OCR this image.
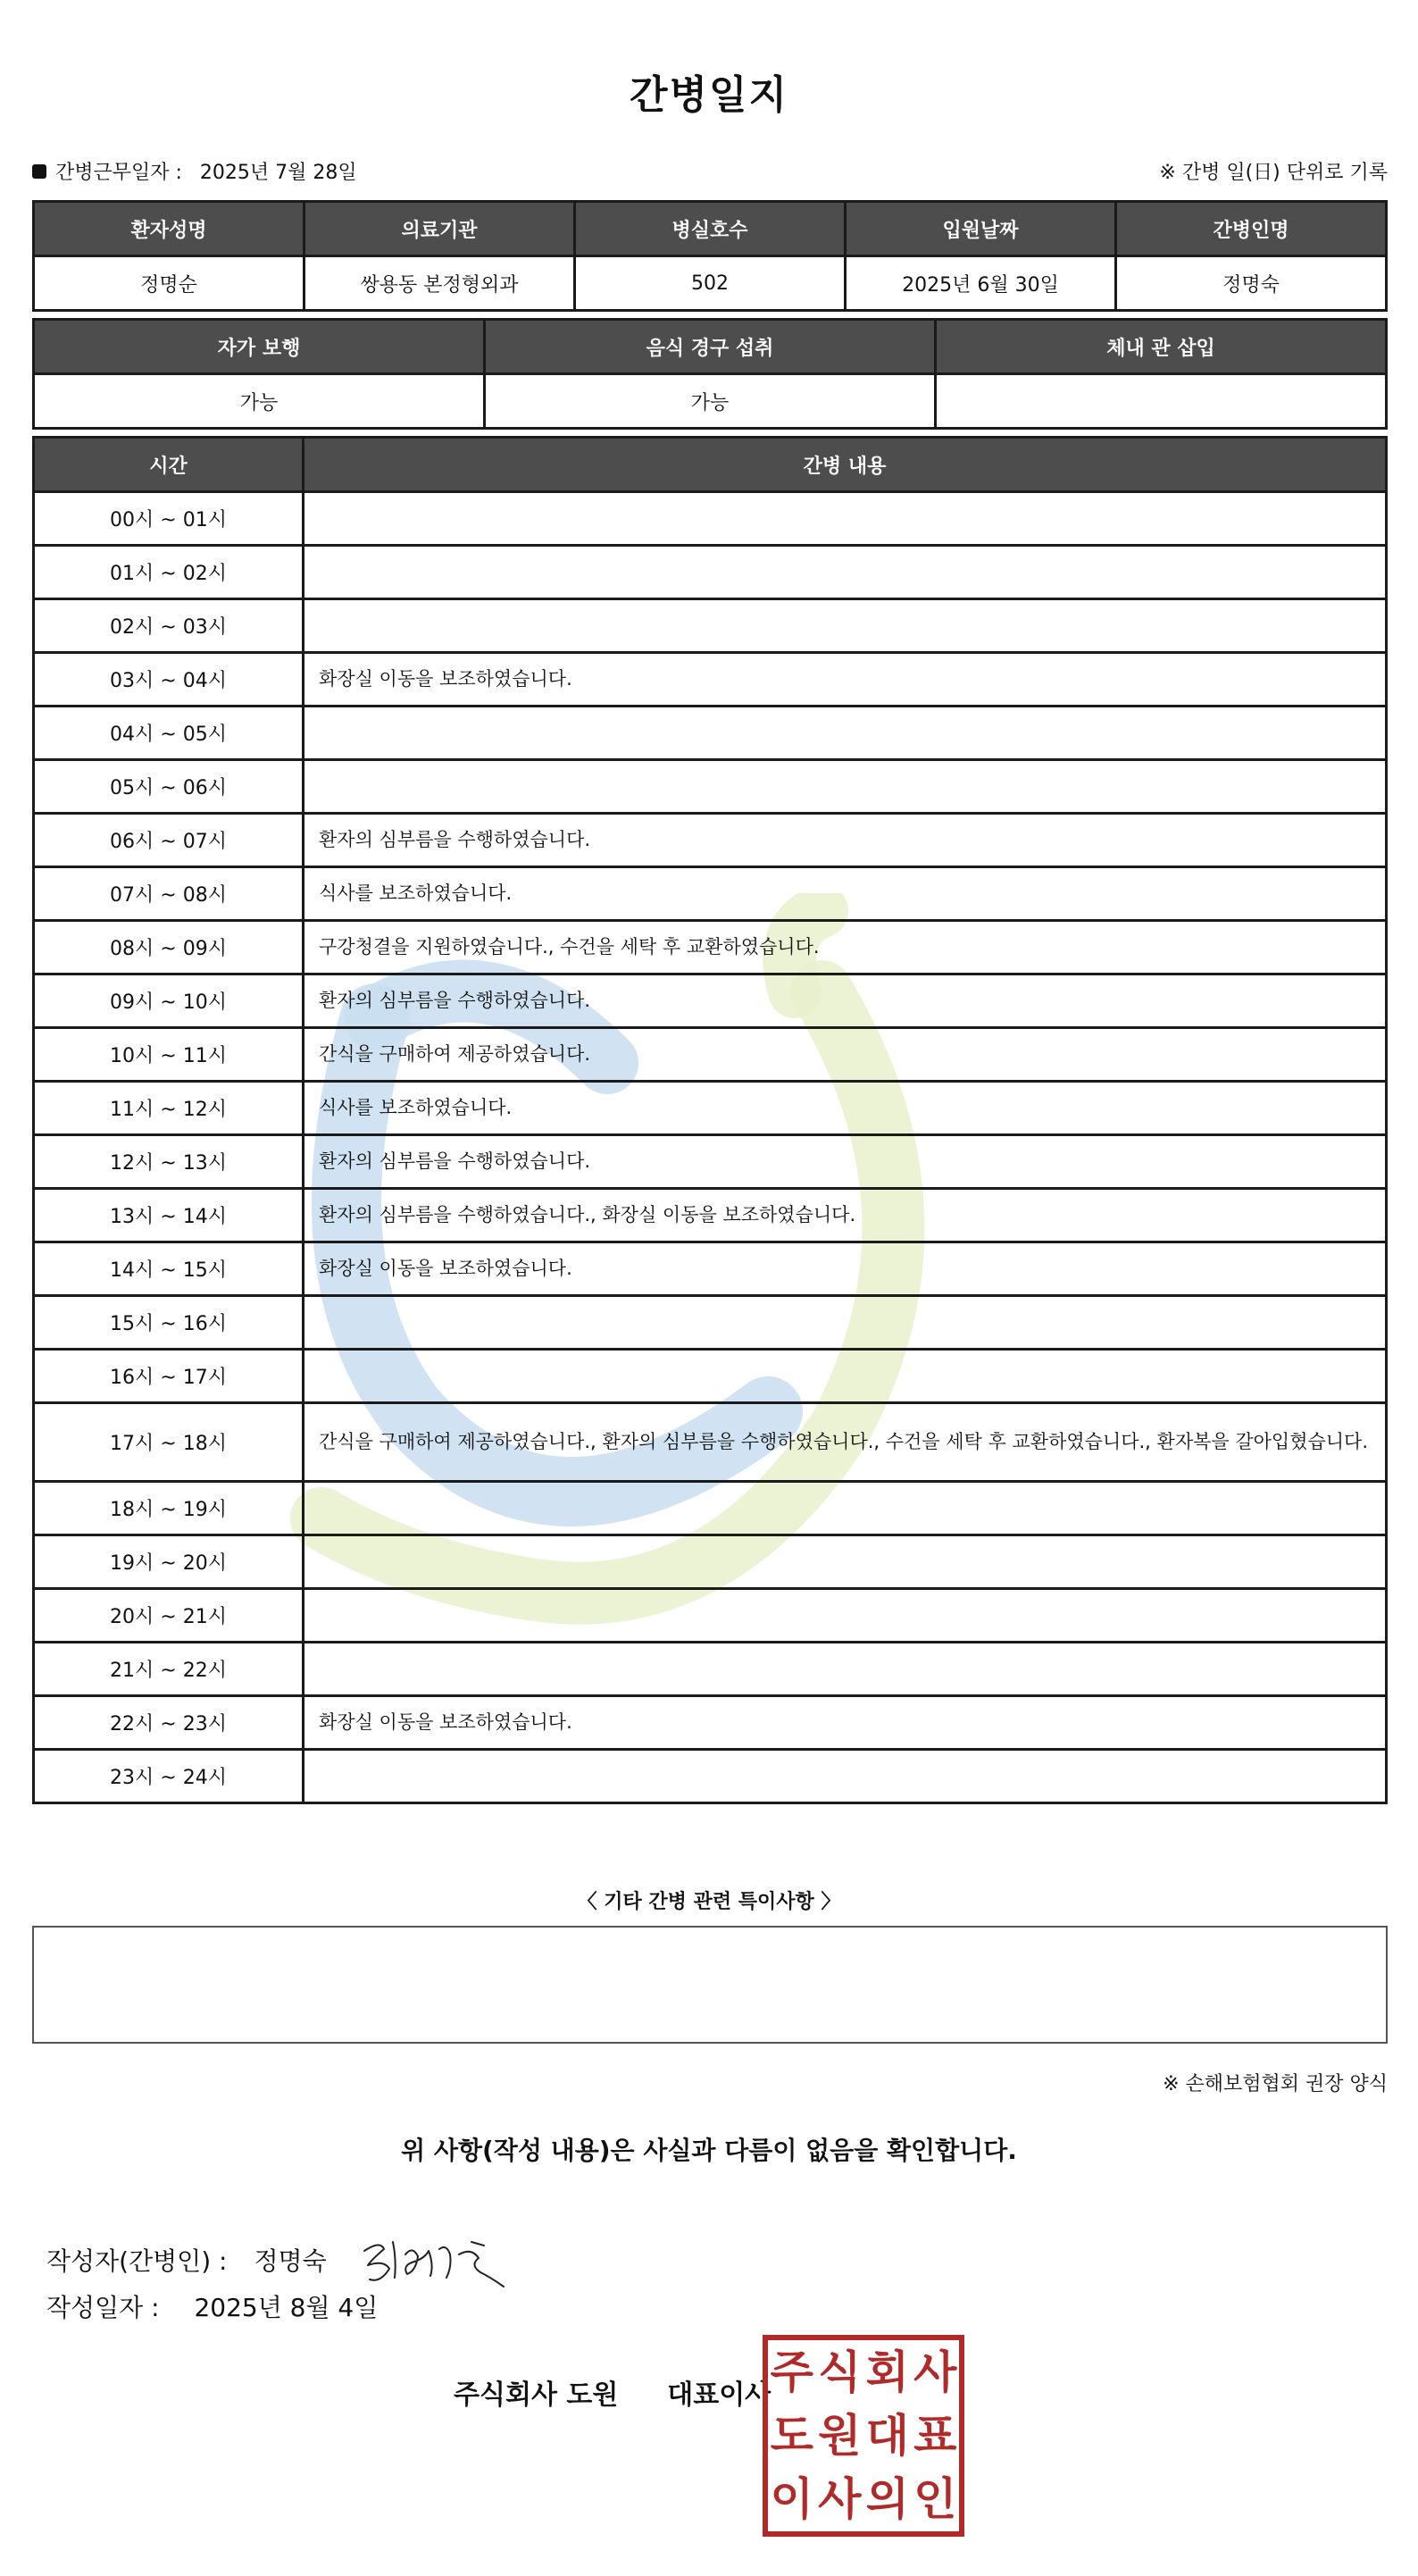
간병일지
간병근무일자 : 2025년 7월 28일	※ 간병 일(日) 단위로 기록
환자성명	의료기관	병실호수	입원날짜	간병인명
정명순	쌍용동 본정형외과	502	2025년 6월 30일	정명숙
자가 보행	음식 경구 섭취	체내 관 삽입
가능	가능	
시간	간병 내용
00시 ~ 01시	
01시 ~ 02시	
02시 ~ 03시	
03시 ~ 04시	화장실 이동을 보조하였습니다.
04시 ~ 05시	
05시 ~ 06시	
06시 ~ 07시	환자의 심부름을 수행하였습니다.
07시 ~ 08시	식사를 보조하였습니다.
08시 ~ 09시	구강청결을 지원하였습니다., 수건을 세탁 후 교환하였습니다.
09시 ~ 10시	환자의 심부름을 수행하였습니다.
10시 ~ 11시	간식을 구매하여 제공하였습니다.
11시 ~ 12시	식사를 보조하였습니다.
12시 ~ 13시	환자의 심부름을 수행하였습니다.
13시 ~ 14시	환자의 심부름을 수행하였습니다., 화장실 이동을 보조하였습니다.
14시 ~ 15시	화장실 이동을 보조하였습니다.
15시 ~ 16시	
16시 ~ 17시	
17시 ~ 18시	간식을 구매하여 제공하였습니다., 환자의 심부름을 수행하였습니다., 수건을 세탁 후 교환하였습니다., 환자복을 갈아입혔습니다.
18시 ~ 19시	
19시 ~ 20시	
20시 ~ 21시	
21시 ~ 22시	
22시 ~ 23시	화장실 이동을 보조하였습니다.
23시 ~ 24시	
〈 기타 간병 관련 특이사항 〉
※ 손해보험협회 권장 양식
위 사항(작성 내용)은 사실과 다름이 없음을 확인합니다.
작성자(간병인) : 정명숙
작성일자 : 2025년 8월 4일
주식회사 도원 대표이사 주 식 회 사
도 원 대 표
이 사 의 인
